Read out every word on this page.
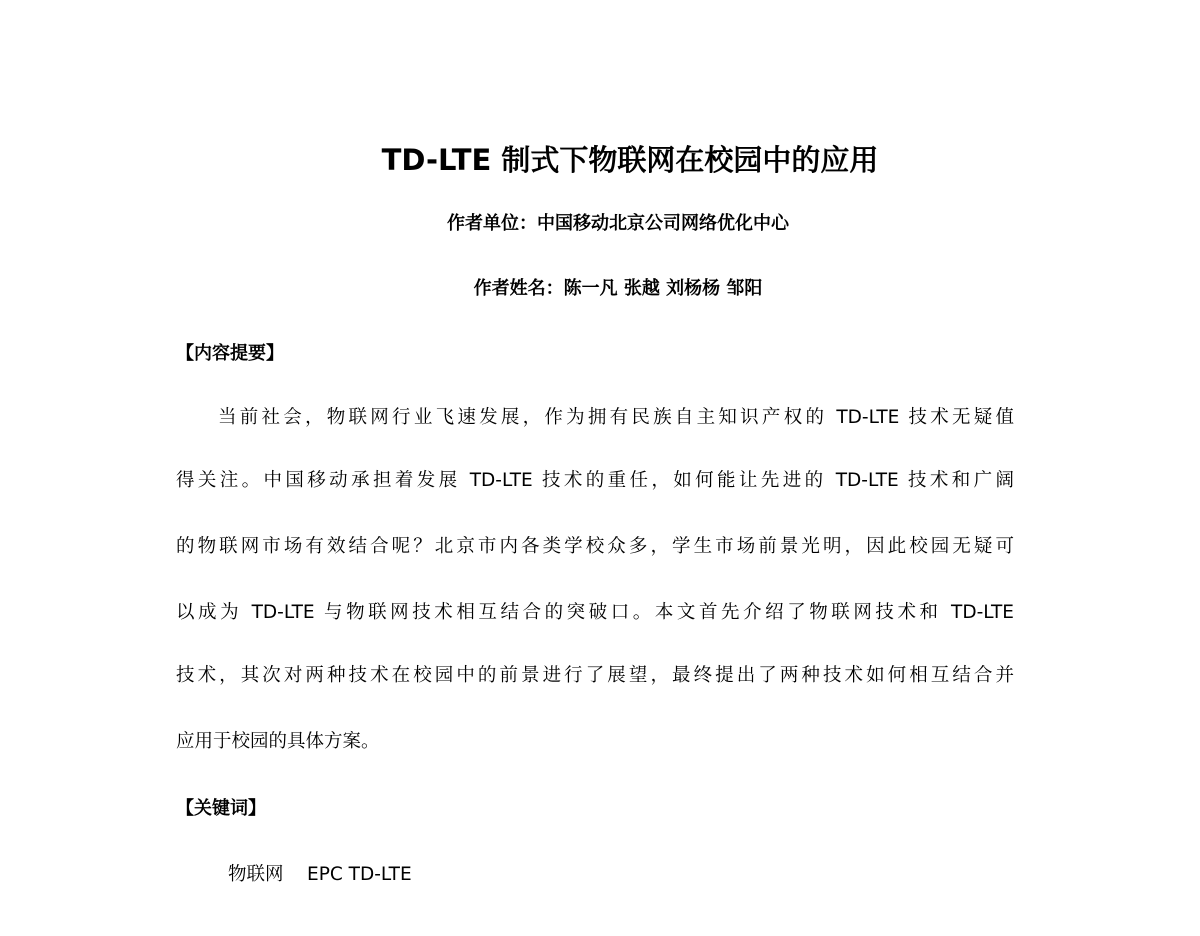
TD-LTE 制式下物联网在校园中的应用
作者单位：中国移动北京公司网络优化中心
作者姓名：陈一凡 张越 刘杨杨 邹阳
【内容提要】
当前社会，物联网行业飞速发展，作为拥有民族自主知识产权的 TD-LTE 技术无疑值
得关注。中国移动承担着发展 TD-LTE 技术的重任，如何能让先进的 TD-LTE 技术和广阔
的物联网市场有效结合呢？北京市内各类学校众多，学生市场前景光明，因此校园无疑可
以成为 TD-LTE 与物联网技术相互结合的突破口。本文首先介绍了物联网技术和 TD-LTE
技术，其次对两种技术在校园中的前景进行了展望，最终提出了两种技术如何相互结合并
应用于校园的具体方案。
【关键词】
物联网    EPC TD-LTE
